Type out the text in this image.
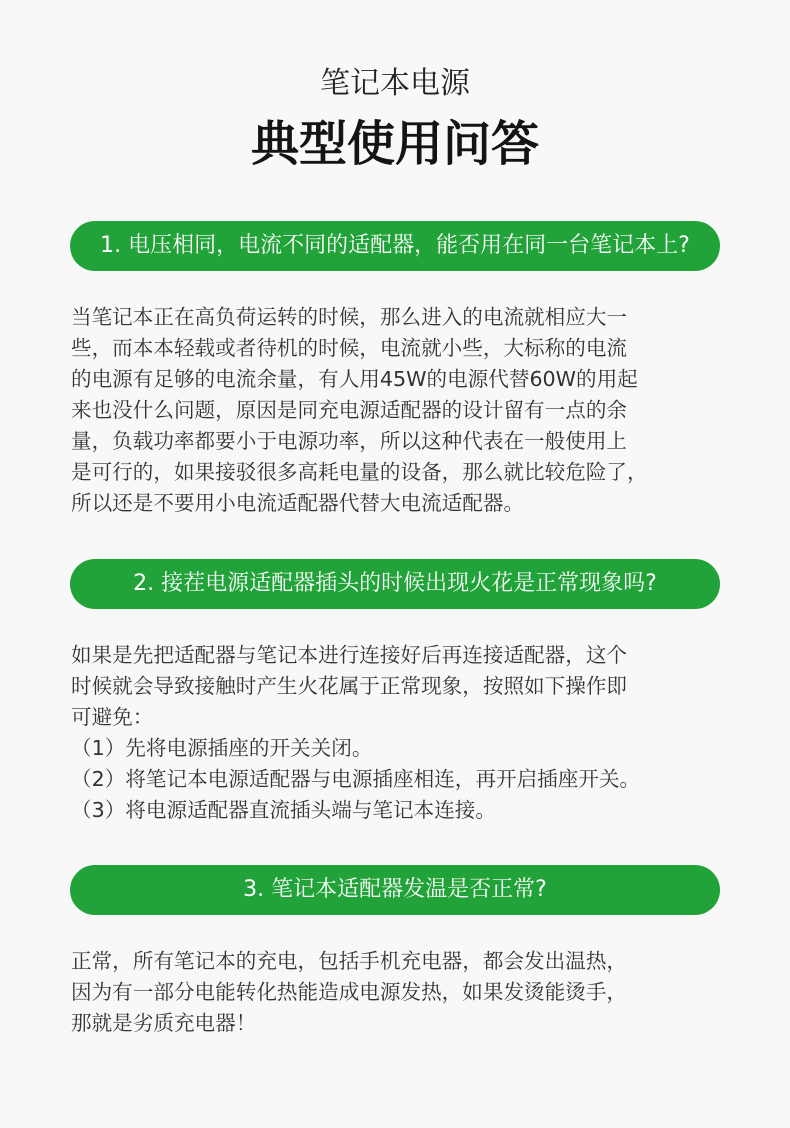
笔记本电源
典型使用问答
1. 电压相同，电流不同的适配器，能否用在同一台笔记本上?

当笔记本正在高负荷运转的时候，那么进入的电流就相应大一

些，而本本轻载或者待机的时候，电流就小些，大标称的电流

的电源有足够的电流余量，有人用45W的电源代替60W的用起

来也没什么问题，原因是同充电源适配器的设计留有一点的余

量，负载功率都要小于电源功率，所以这种代表在一般使用上

是可行的，如果接驳很多高耗电量的设备，那么就比较危险了，

所以还是不要用小电流适配器代替大电流适配器。

2. 接茬电源适配器插头的时候出现火花是正常现象吗?

如果是先把适配器与笔记本进行连接好后再连接适配器，这个

时候就会导致接触时产生火花属于正常现象，按照如下操作即

可避免：

（1）先将电源插座的开关关闭。

（2）将笔记本电源适配器与电源插座相连，再开启插座开关。

（3）将电源适配器直流插头端与笔记本连接。

3. 笔记本适配器发温是否正常?

正常，所有笔记本的充电，包括手机充电器，都会发出温热，

因为有一部分电能转化热能造成电源发热，如果发烫能烫手，

那就是劣质充电器！
